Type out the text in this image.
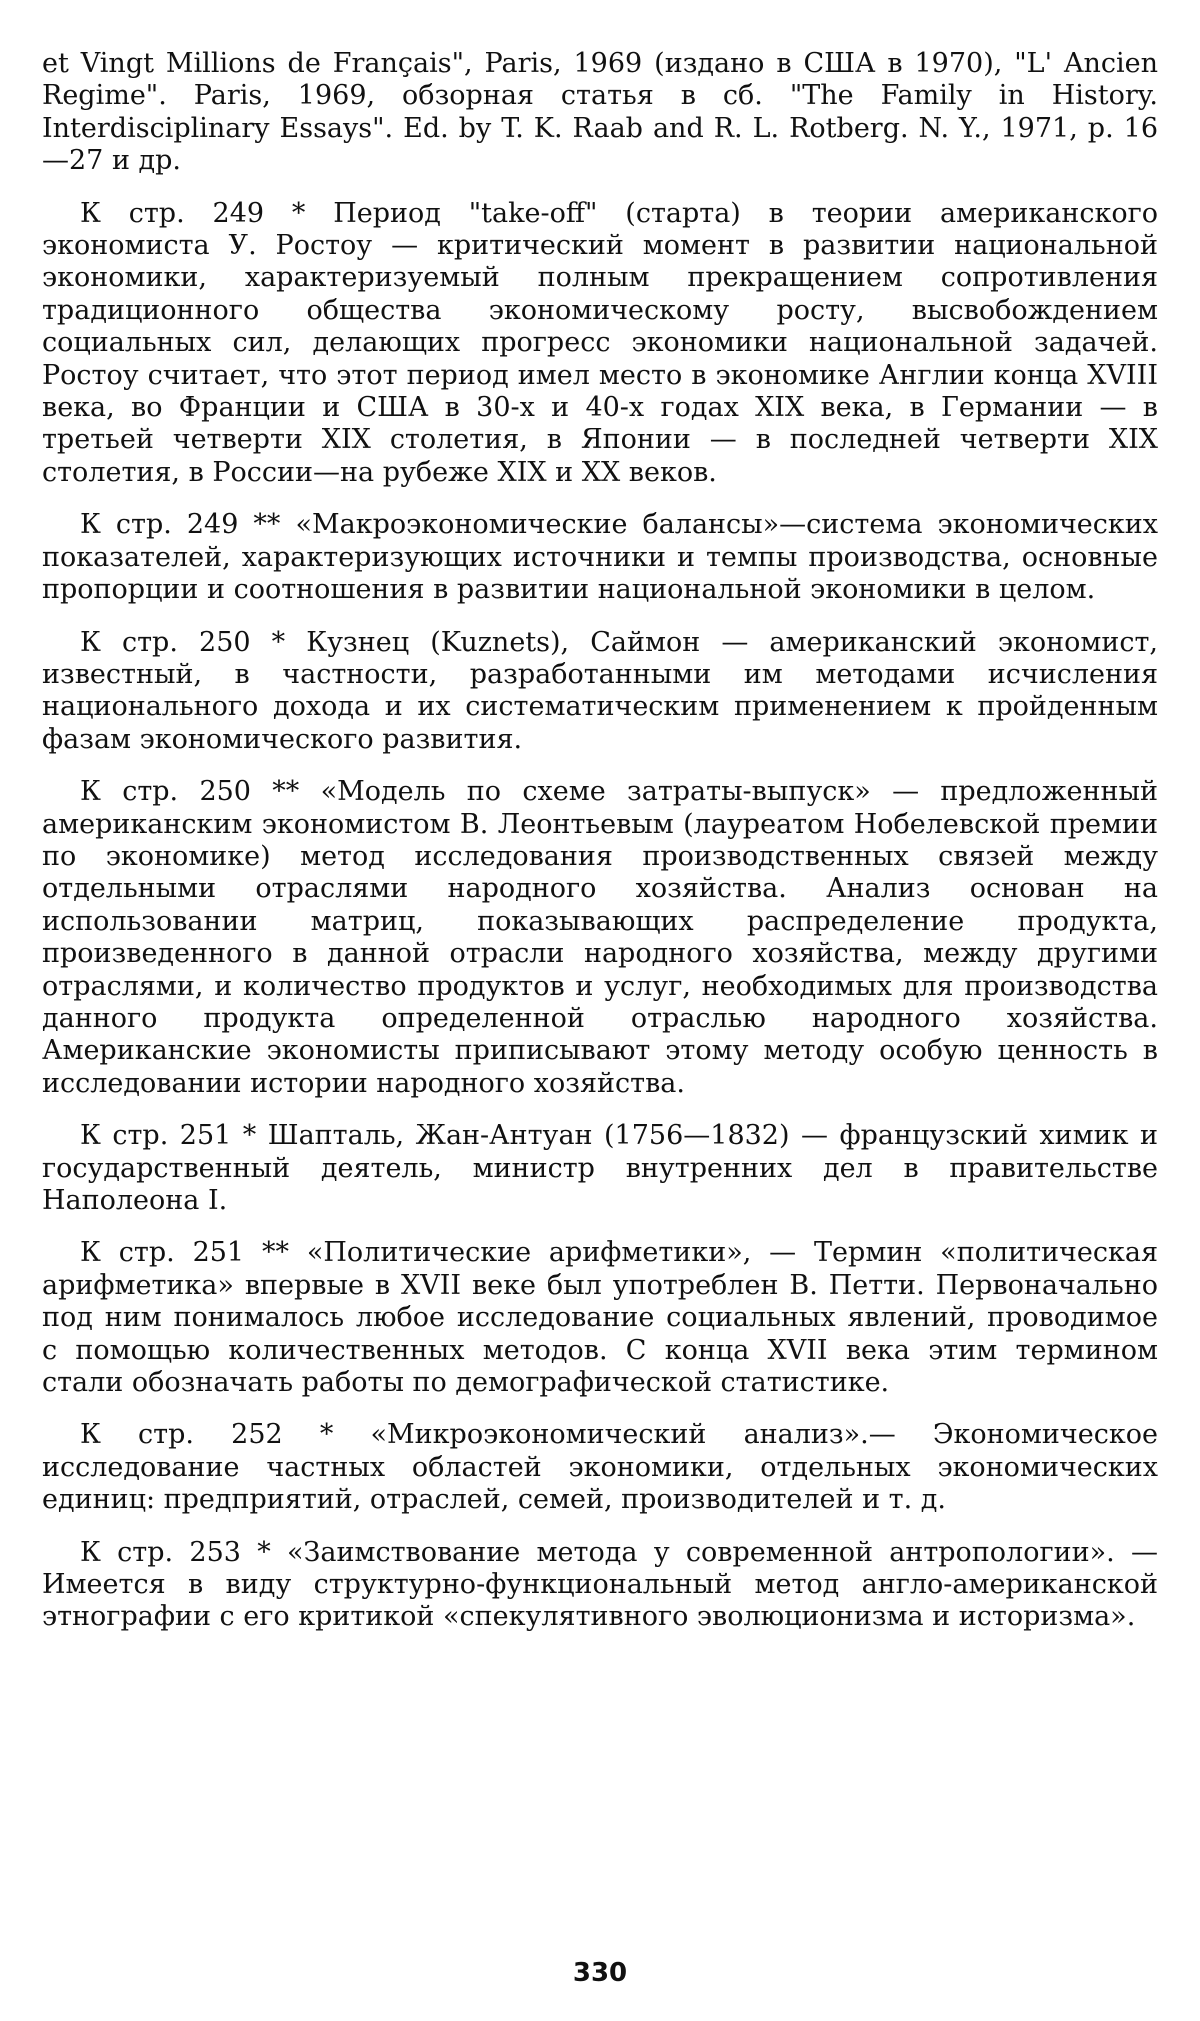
et Vingt Millions de Français", Paris, 1969 (издано в США в 1970), "L' Ancien Regime". Paris, 1969, обзорная статья в сб. "The Family in History. Interdisciplinary Essays". Ed. by T. K. Raab and R. L. Rotberg. N. Y., 1971, р. 16—27 и др.

К стр. 249 * Период "take-off" (старта) в теории американского экономиста У. Ростоу — критический момент в развитии национальной экономики, характеризуемый полным прекращением сопротивления традиционного общества экономическому росту, высвобождением социальных сил, делающих прогресс экономики национальной задачей. Ростоу считает, что этот период имел место в экономике Англии конца XVIII века, во Франции и США в 30-х и 40-х годах XIX века, в Германии — в третьей четверти XIX столетия, в Японии — в последней четверти XIX столетия, в России—на рубеже XIX и XX веков.

К стр. 249 ** «Макроэкономические балансы»—система экономических показателей, характеризующих источники и темпы производства, основные пропорции и соотношения в развитии национальной экономики в целом.

К стр. 250 * Кузнец (Kuznets), Саймон — американский экономист, известный, в частности, разработанными им методами исчисления национального дохода и их систематическим применением к пройденным фазам экономического развития.

К стр. 250 ** «Модель по схеме затраты-выпуск» — предложенный американским экономистом В. Леонтьевым (лауреатом Нобелевской премии по экономике) метод исследования производственных связей между отдельными отраслями народного хозяйства. Анализ основан на использовании матриц, показывающих распределение продукта, произведенного в данной отрасли народного хозяйства, между другими отраслями, и количество продуктов и услуг, необходимых для производства данного продукта определенной отраслью народного хозяйства. Американские экономисты приписывают этому методу особую ценность в исследовании истории народного хозяйства.

К стр. 251 * Шапталь, Жан-Антуан (1756—1832) — французский химик и государственный деятель, министр внутренних дел в правительстве Наполеона I.

К стр. 251 ** «Политические арифметики», — Термин «политическая арифметика» впервые в XVII веке был употреблен В. Петти. Первоначально под ним понималось любое исследование социальных явлений, проводимое с помощью количественных методов. С конца XVII века этим термином стали обозначать работы по демографической статистике.

К стр. 252 * «Микроэкономический анализ».— Экономическое исследование частных областей экономики, отдельных экономических единиц: предприятий, отраслей, семей, производителей и т. д.

К стр. 253 * «Заимствование метода у современной антропологии». — Имеется в виду структурно-функциональный метод англо-американской этнографии с его критикой «спекулятивного эволюционизма и историзма».

330
